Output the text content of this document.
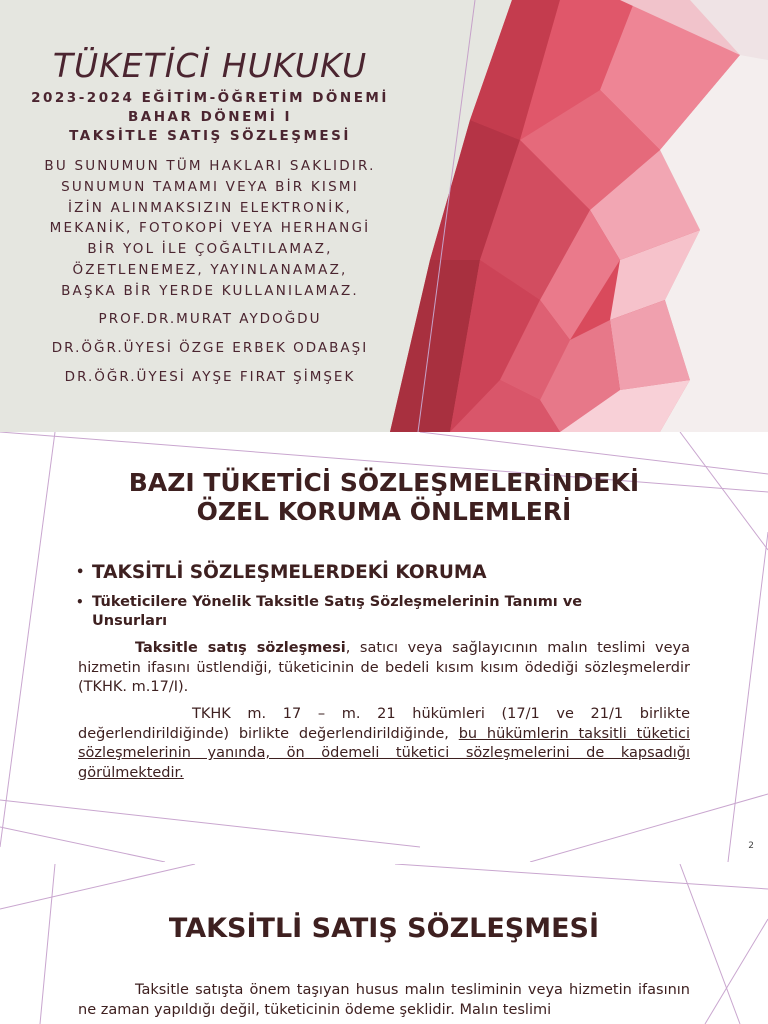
TÜKETİCİ HUKUKU
2023-2024 EĞİTİM-ÖĞRETİM DÖNEMİ
BAHAR DÖNEMİ I
TAKSİTLE SATIŞ SÖZLEŞMESİ
BU SUNUMUN TÜM HAKLARI SAKLIDIR.
SUNUMUN TAMAMI VEYA BİR KISMI
İZİN ALINMAKSIZIN ELEKTRONİK,
MEKANİK, FOTOKOPİ VEYA HERHANGİ
BİR YOL İLE ÇOĞALTILAMAZ,
ÖZETLENEMEZ, YAYINLANAMAZ,
BAŞKA BİR YERDE KULLANILAMAZ.
PROF.DR.MURAT AYDOĞDU
DR.ÖĞR.ÜYESİ ÖZGE ERBEK ODABAŞI
DR.ÖĞR.ÜYESİ AYŞE FIRAT ŞİMŞEK
BAZI TÜKETİCİ SÖZLEŞMELERİNDEKİ
ÖZEL KORUMA ÖNLEMLERİ
• TAKSİTLİ SÖZLEŞMELERDEKİ KORUMA
• Tüketicilere Yönelik Taksitle Satış Sözleşmelerinin Tanımı ve Unsurları
Taksitle satış sözleşmesi, satıcı veya sağlayıcının malın teslimi veya hizmetin ifasını üstlendiği, tüketicinin de bedeli kısım kısım ödediği sözleşmelerdir (TKHK. m.17/I).
TKHK m. 17 – m. 21 hükümleri (17/1 ve 21/1 birlikte değerlendirildiğinde) birlikte değerlendirildiğinde, bu hükümlerin taksitli tüketici sözleşmelerinin yanında, ön ödemeli tüketici sözleşmelerini de kapsadığı görülmektedir.
2
TAKSİTLİ SATIŞ SÖZLEŞMESİ
Taksitle satışta önem taşıyan husus malın tesliminin veya hizmetin ifasının ne zaman yapıldığı değil, tüketicinin ödeme şeklidir. Malın teslimi
